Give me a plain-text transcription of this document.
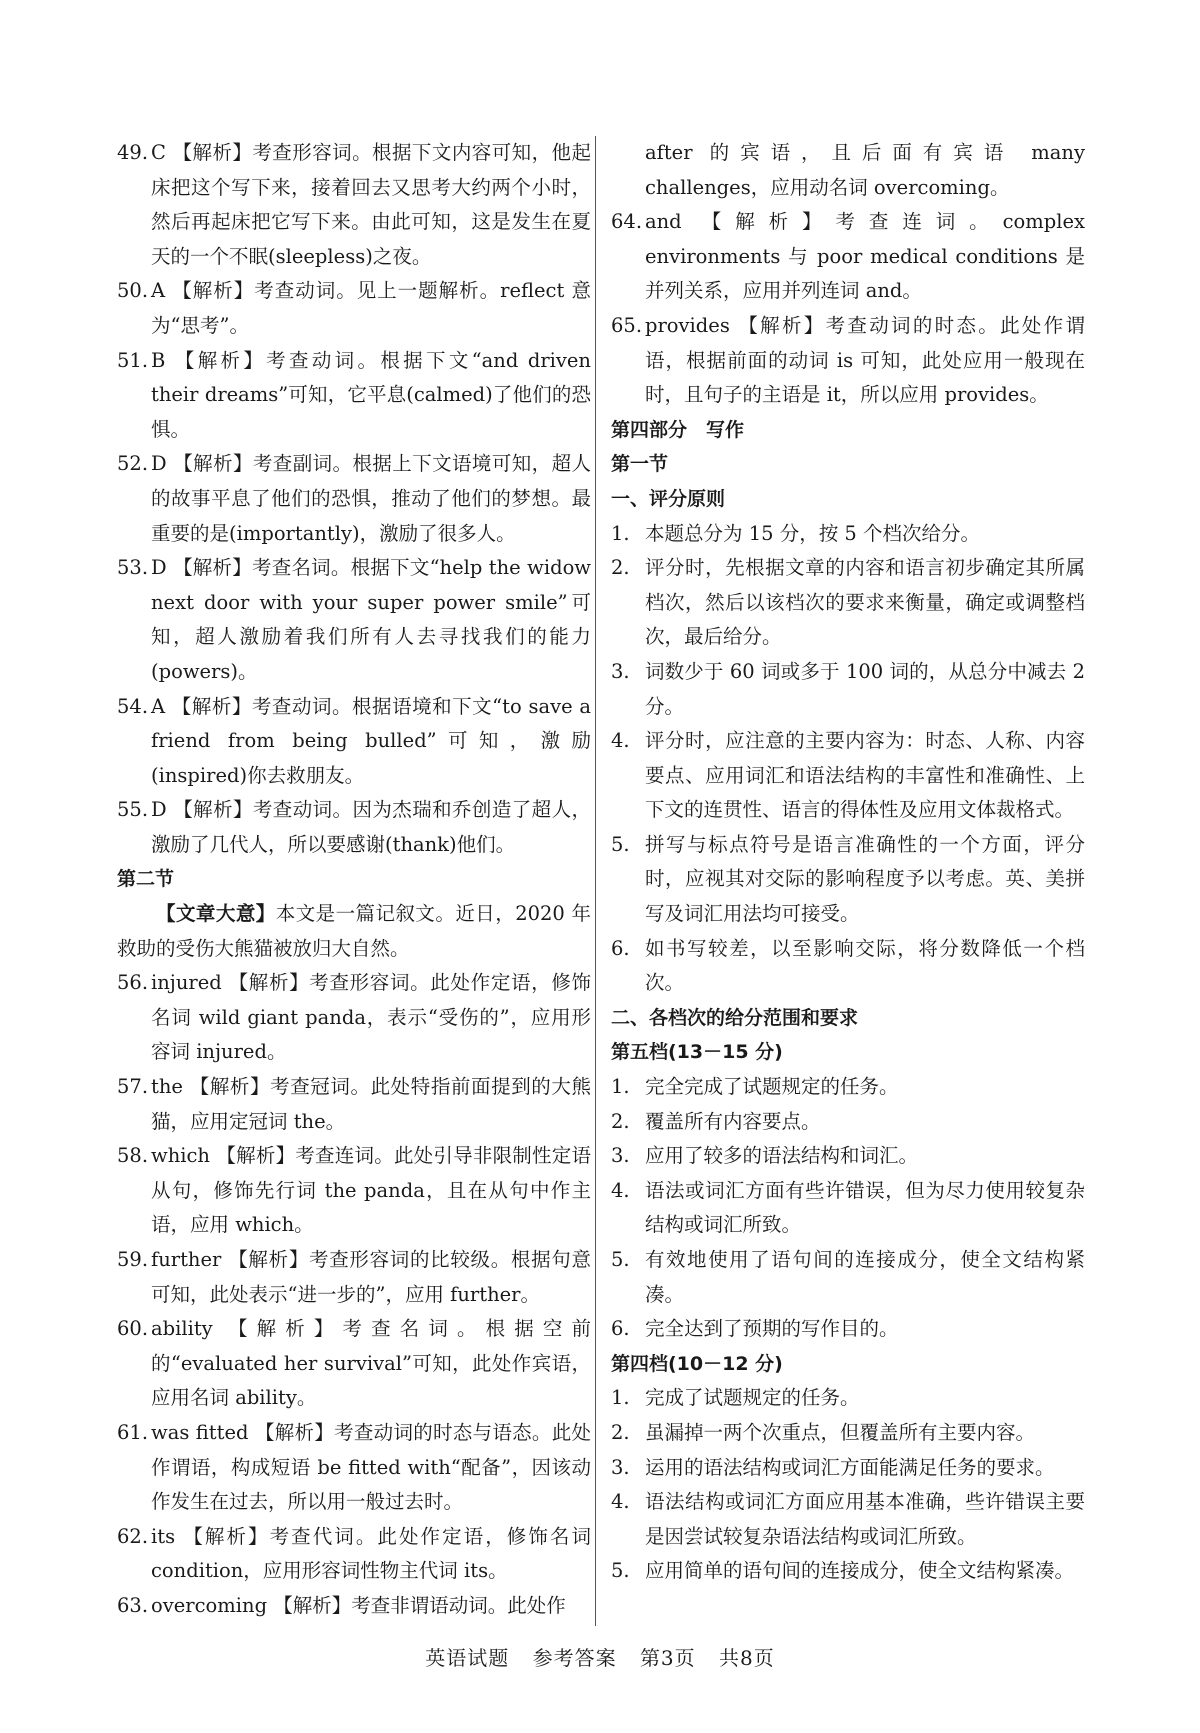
49. C 【解析】考查形容词。根据下文内容可知，他起床把这个写下来，接着回去又思考大约两个小时，然后再起床把它写下来。由此可知，这是发生在夏天的一个不眠(sleepless)之夜。
50. A 【解析】考查动词。见上一题解析。reflect 意为“思考”。
51. B 【解析】考查动词。根据下文“and driven their dreams”可知，它平息(calmed)了他们的恐惧。
52. D 【解析】考查副词。根据上下文语境可知，超人的故事平息了他们的恐惧，推动了他们的梦想。最重要的是(importantly)，激励了很多人。
53. D 【解析】考查名词。根据下文“help the widow next door with your super power smile”可知，超人激励着我们所有人去寻找我们的能力(powers)。
54. A 【解析】考查动词。根据语境和下文“to save a friend from being bulled”可知，激励(inspired)你去救朋友。
55. D 【解析】考查动词。因为杰瑞和乔创造了超人，激励了几代人，所以要感谢(thank)他们。
第二节
【文章大意】本文是一篇记叙文。近日，2020 年救助的受伤大熊猫被放归大自然。
56. injured 【解析】考查形容词。此处作定语，修饰名词 wild giant panda，表示“受伤的”，应用形容词 injured。
57. the 【解析】考查冠词。此处特指前面提到的大熊猫，应用定冠词 the。
58. which 【解析】考查连词。此处引导非限制性定语从句，修饰先行词 the panda，且在从句中作主语，应用 which。
59. further 【解析】考查形容词的比较级。根据句意可知，此处表示“进一步的”，应用 further。
60. ability 【解析】考查名词。根据空前的“evaluated her survival”可知，此处作宾语，应用名词 ability。
61. was fitted 【解析】考查动词的时态与语态。此处作谓语，构成短语 be fitted with“配备”，因该动作发生在过去，所以用一般过去时。
62. its 【解析】考查代词。此处作定语，修饰名词 condition，应用形容词性物主代词 its。
63. overcoming 【解析】考查非谓语动词。此处作
after 的宾语，且后面有宾语 many challenges，应用动名词 overcoming。
64. and 【解析】考查连词。complex environments 与 poor medical conditions 是并列关系，应用并列连词 and。
65. provides 【解析】考查动词的时态。此处作谓语，根据前面的动词 is 可知，此处应用一般现在时，且句子的主语是 it，所以应用 provides。
第四部分　写作
第一节
一、评分原则
1. 本题总分为 15 分，按 5 个档次给分。
2. 评分时，先根据文章的内容和语言初步确定其所属档次，然后以该档次的要求来衡量，确定或调整档次，最后给分。
3. 词数少于 60 词或多于 100 词的，从总分中减去 2 分。
4. 评分时，应注意的主要内容为：时态、人称、内容要点、应用词汇和语法结构的丰富性和准确性、上下文的连贯性、语言的得体性及应用文体裁格式。
5. 拼写与标点符号是语言准确性的一个方面，评分时，应视其对交际的影响程度予以考虑。英、美拼写及词汇用法均可接受。
6. 如书写较差，以至影响交际，将分数降低一个档次。
二、各档次的给分范围和要求
第五档(13－15 分)
1. 完全完成了试题规定的任务。
2. 覆盖所有内容要点。
3. 应用了较多的语法结构和词汇。
4. 语法或词汇方面有些许错误，但为尽力使用较复杂结构或词汇所致。
5. 有效地使用了语句间的连接成分，使全文结构紧凑。
6. 完全达到了预期的写作目的。
第四档(10－12 分)
1. 完成了试题规定的任务。
2. 虽漏掉一两个次重点，但覆盖所有主要内容。
3. 运用的语法结构或词汇方面能满足任务的要求。
4. 语法结构或词汇方面应用基本准确，些许错误主要是因尝试较复杂语法结构或词汇所致。
5. 应用简单的语句间的连接成分，使全文结构紧凑。
英语试题 参考答案 第3页 共8页
